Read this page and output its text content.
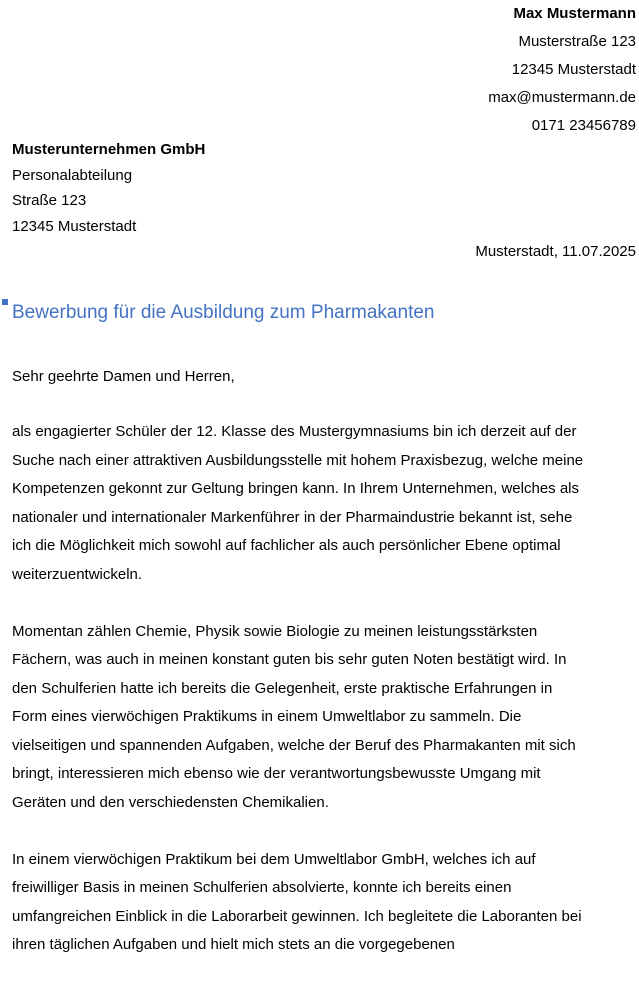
Max Mustermann
Musterstraße 123
12345 Musterstadt
max@mustermann.de
0171 23456789
Musterunternehmen GmbH
Personalabteilung
Straße 123
12345 Musterstadt
Musterstadt, 11.07.2025
Bewerbung für die Ausbildung zum Pharmakanten
Sehr geehrte Damen und Herren,

als engagierter Schüler der 12. Klasse des Mustergymnasiums bin ich derzeit auf der
Suche nach einer attraktiven Ausbildungsstelle mit hohem Praxisbezug, welche meine
Kompetenzen gekonnt zur Geltung bringen kann. In Ihrem Unternehmen, welches als
nationaler und internationaler Markenführer in der Pharmaindustrie bekannt ist, sehe
ich die Möglichkeit mich sowohl auf fachlicher als auch persönlicher Ebene optimal
weiterzuentwickeln.

Momentan zählen Chemie, Physik sowie Biologie zu meinen leistungsstärksten
Fächern, was auch in meinen konstant guten bis sehr guten Noten bestätigt wird. In
den Schulferien hatte ich bereits die Gelegenheit, erste praktische Erfahrungen in
Form eines vierwöchigen Praktikums in einem Umweltlabor zu sammeln. Die
vielseitigen und spannenden Aufgaben, welche der Beruf des Pharmakanten mit sich
bringt, interessieren mich ebenso wie der verantwortungsbewusste Umgang mit
Geräten und den verschiedensten Chemikalien.

In einem vierwöchigen Praktikum bei dem Umweltlabor GmbH, welches ich auf
freiwilliger Basis in meinen Schulferien absolvierte, konnte ich bereits einen
umfangreichen Einblick in die Laborarbeit gewinnen. Ich begleitete die Laboranten bei
ihren täglichen Aufgaben und hielt mich stets an die vorgegebenen
